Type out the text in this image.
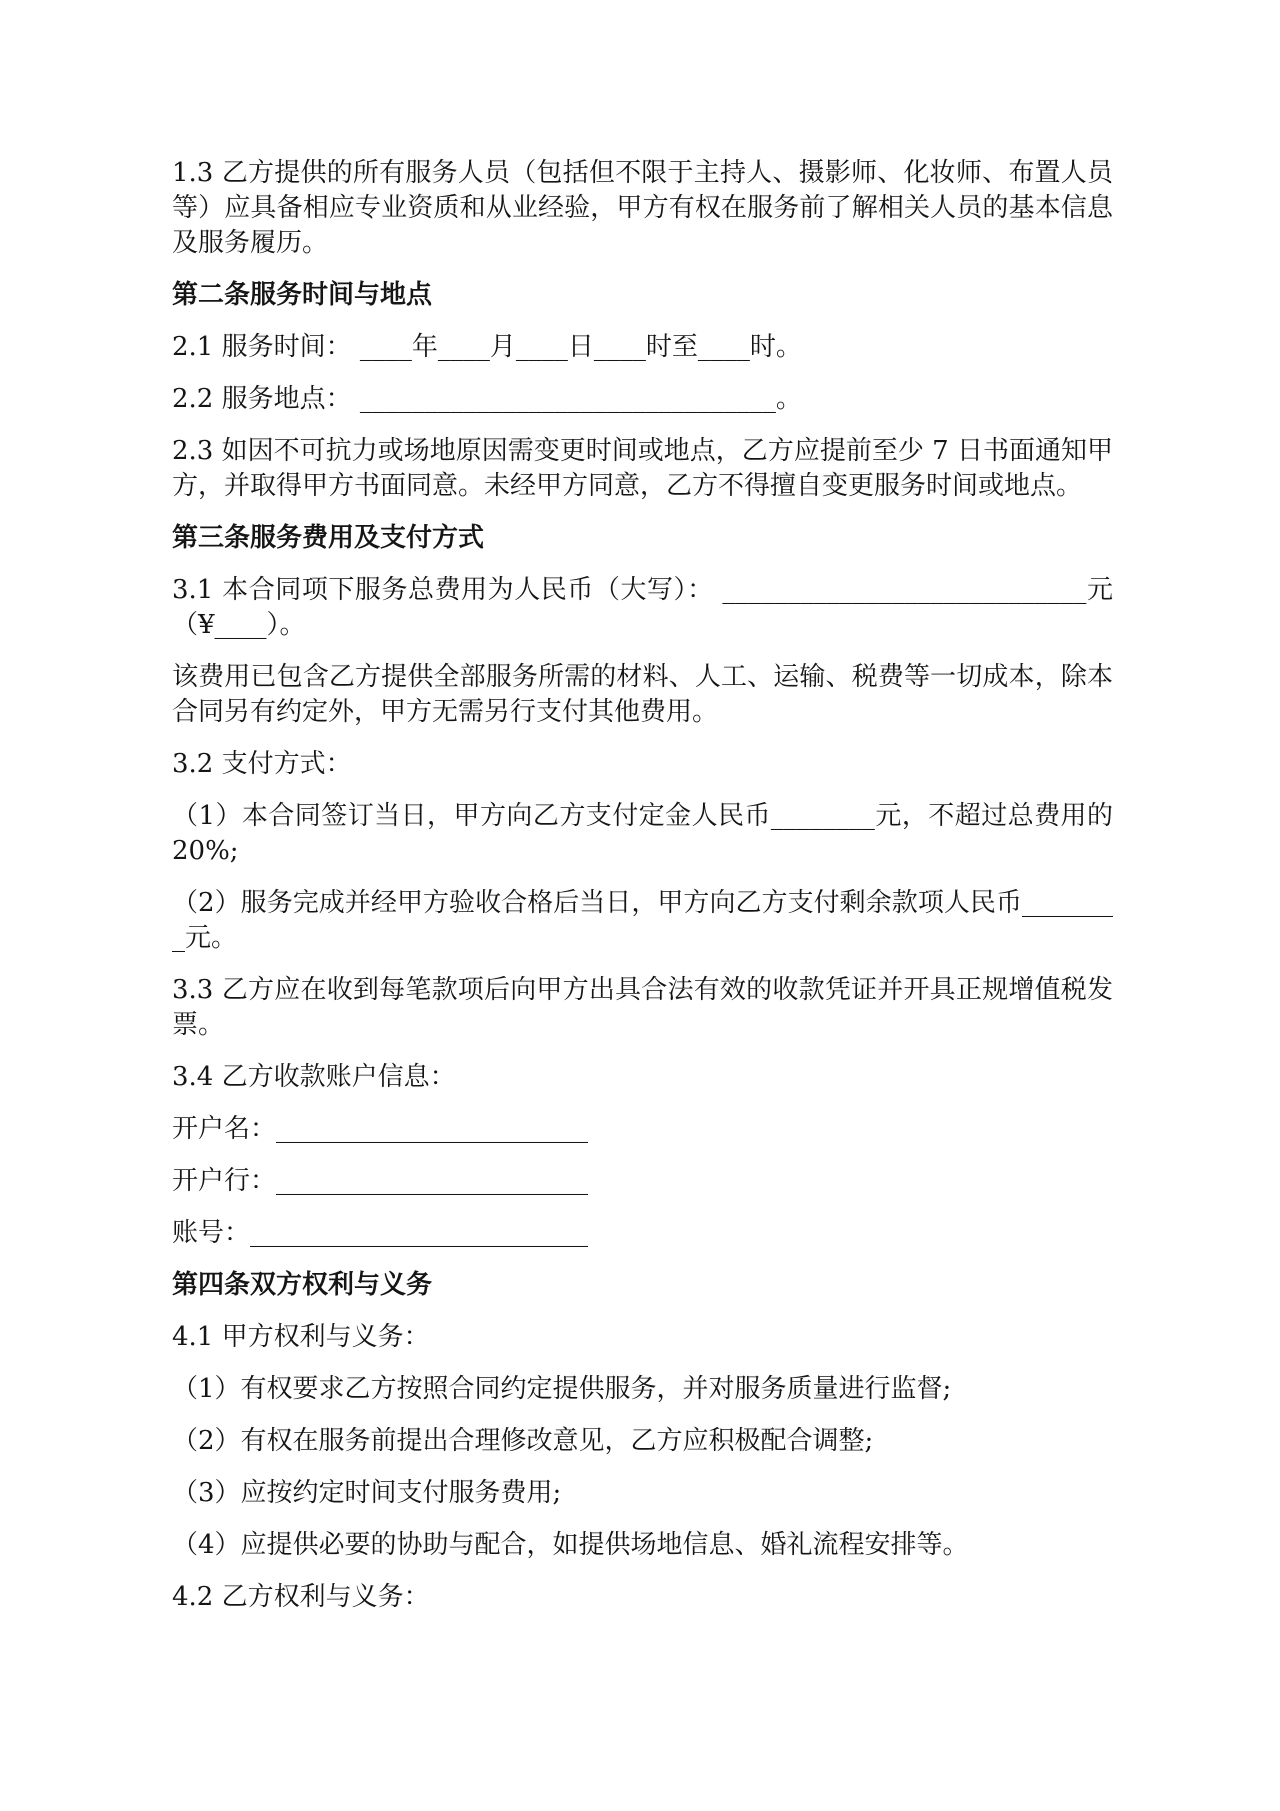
1.3 乙方提供的所有服务人员（包括但不限于主持人、摄影师、化妆师、布置人员等）应具备相应专业资质和从业经验，甲方有权在服务前了解相关人员的基本信息及服务履历。

第二条服务时间与地点

2.1 服务时间： ____年____月____日____时至____时。

2.2 服务地点： ________________________________。

2.3 如因不可抗力或场地原因需变更时间或地点，乙方应提前至少 7 日书面通知甲方，并取得甲方书面同意。未经甲方同意，乙方不得擅自变更服务时间或地点。

第三条服务费用及支付方式

3.1 本合同项下服务总费用为人民币（大写）： ____________________________元（¥____）。

该费用已包含乙方提供全部服务所需的材料、人工、运输、税费等一切成本，除本合同另有约定外，甲方无需另行支付其他费用。

3.2 支付方式：

（1）本合同签订当日，甲方向乙方支付定金人民币________元，不超过总费用的 20%;

（2）服务完成并经甲方验收合格后当日，甲方向乙方支付剩余款项人民币________元。

3.3 乙方应在收到每笔款项后向甲方出具合法有效的收款凭证并开具正规增值税发票。

3.4 乙方收款账户信息：

开户名：________________________

开户行：________________________

账号：__________________________

第四条双方权利与义务

4.1 甲方权利与义务：

（1）有权要求乙方按照合同约定提供服务，并对服务质量进行监督;

（2）有权在服务前提出合理修改意见，乙方应积极配合调整;

（3）应按约定时间支付服务费用;

（4）应提供必要的协助与配合，如提供场地信息、婚礼流程安排等。

4.2 乙方权利与义务：
